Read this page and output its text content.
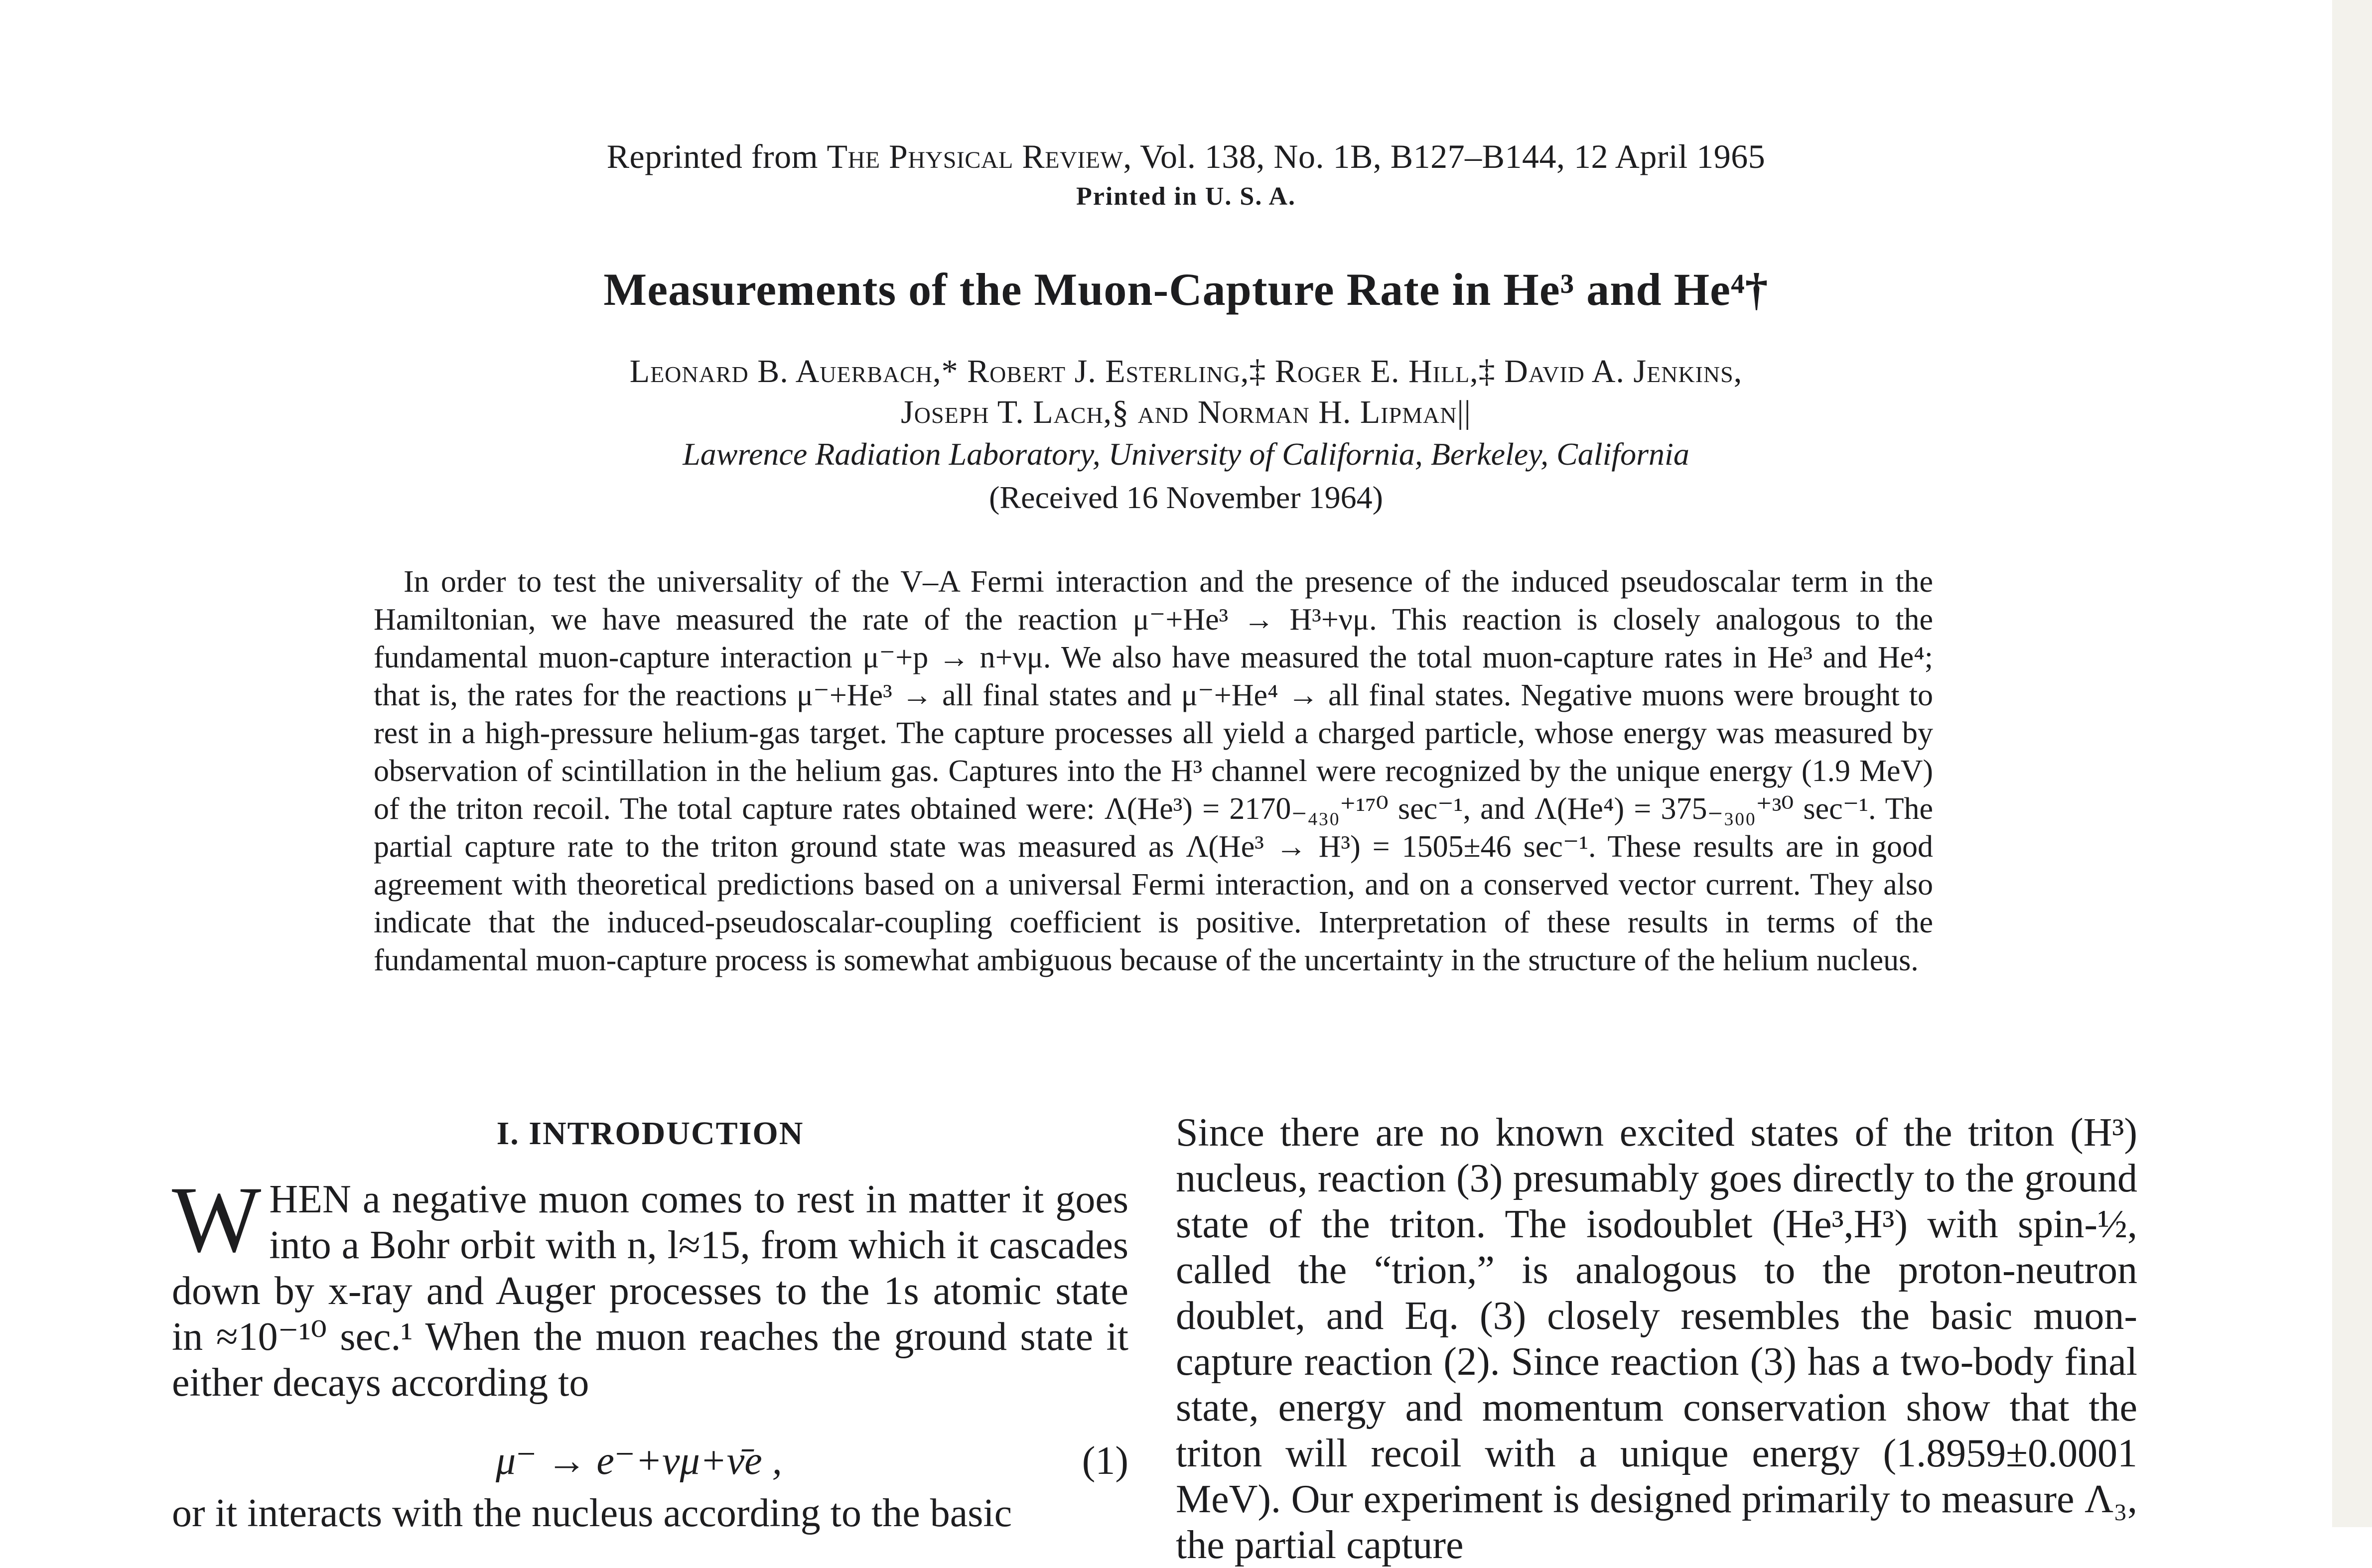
Reprinted from The Physical Review, Vol. 138, No. 1B, B127–B144, 12 April 1965
Printed in U. S. A.
Measurements of the Muon-Capture Rate in He³ and He⁴†
Leonard B. Auerbach,* Robert J. Esterling,‡ Roger E. Hill,‡ David A. Jenkins,
Joseph T. Lach,§ and Norman H. Lipman||
Lawrence Radiation Laboratory, University of California, Berkeley, California
(Received 16 November 1964)

In order to test the universality of the V–A Fermi interaction and the presence of the induced pseudoscalar term in the Hamiltonian, we have measured the rate of the reaction μ⁻+He³ → H³+νμ. This reaction is closely analogous to the fundamental muon-capture interaction μ⁻+p → n+νμ. We also have measured the total muon-capture rates in He³ and He⁴; that is, the rates for the reactions μ⁻+He³ → all final states and μ⁻+He⁴ → all final states. Negative muons were brought to rest in a high-pressure helium-gas target. The capture processes all yield a charged particle, whose energy was measured by observation of scintillation in the helium gas. Captures into the H³ channel were recognized by the unique energy (1.9 MeV) of the triton recoil. The total capture rates obtained were: Λ(He³) = 2170₋₄₃₀⁺¹⁷⁰ sec⁻¹, and Λ(He⁴) = 375₋₃₀₀⁺³⁰ sec⁻¹. The partial capture rate to the triton ground state was measured as Λ(He³ → H³) = 1505±46 sec⁻¹. These results are in good agreement with theoretical predictions based on a universal Fermi interaction, and on a conserved vector current. They also indicate that the induced-pseudoscalar-coupling coefficient is positive. Interpretation of these results in terms of the fundamental muon-capture process is somewhat ambiguous because of the uncertainty in the structure of the helium nucleus.

I. INTRODUCTION

WHEN a negative muon comes to rest in matter it goes into a Bohr orbit with n, l≈15, from which it cascades down by x-ray and Auger processes to the 1s atomic state in ≈10⁻¹⁰ sec.¹ When the muon reaches the ground state it either decays according to

μ⁻ → e⁻+νμ+ν̄e ,	(1)

or it interacts with the nucleus according to the basic

Since there are no known excited states of the triton (H³) nucleus, reaction (3) presumably goes directly to the ground state of the triton. The isodoublet (He³,H³) with spin-½, called the “trion,” is analogous to the proton-neutron doublet, and Eq. (3) closely resembles the basic muon-capture reaction (2). Since reaction (3) has a two-body final state, energy and momentum conservation show that the triton will recoil with a unique energy (1.8959±0.0001 MeV). Our experiment is designed primarily to measure Λ₃, the partial capture
